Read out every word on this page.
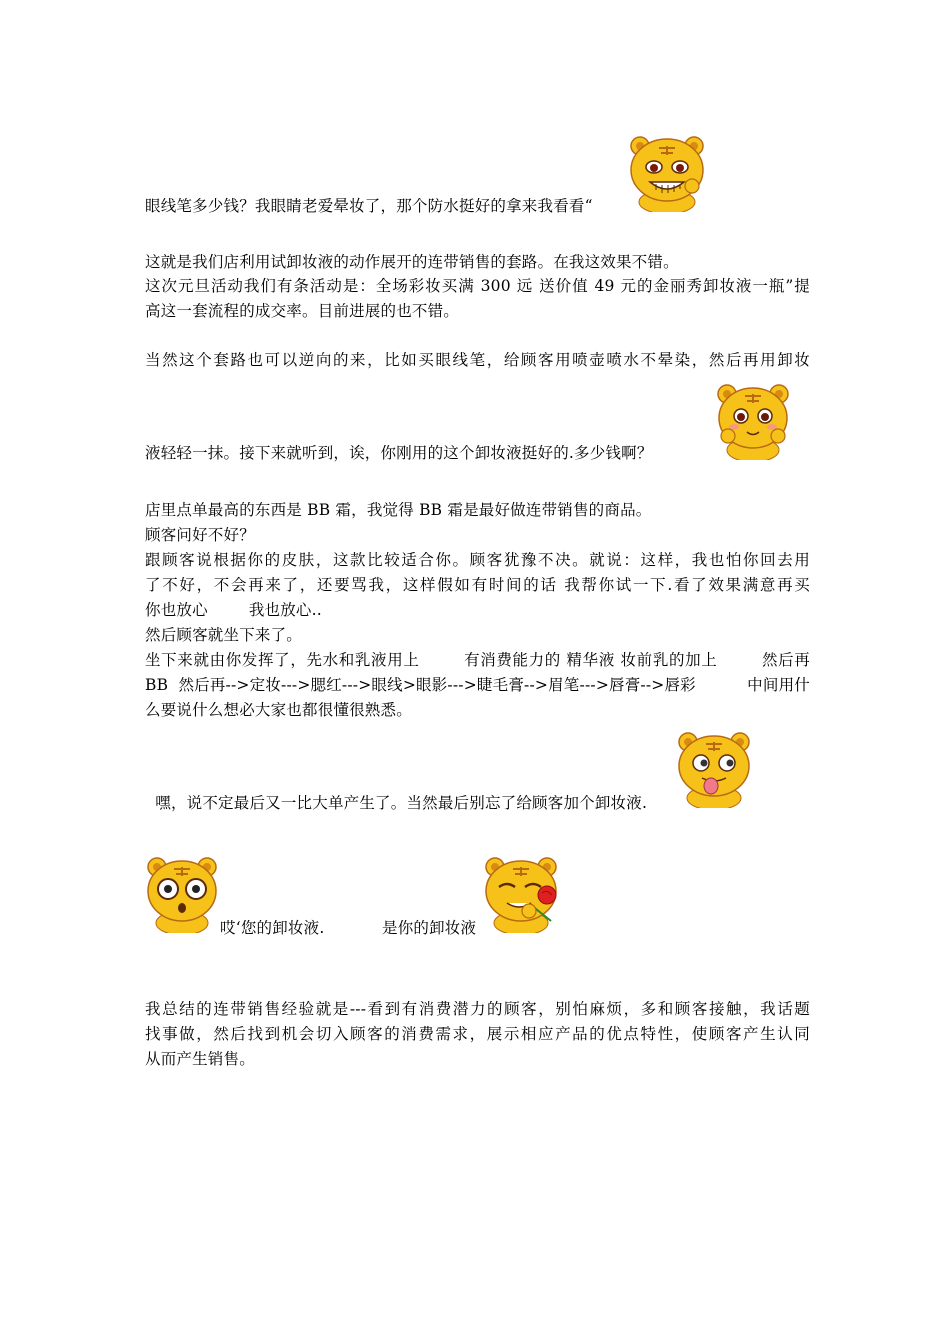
眼线笔多少钱？我眼睛老爱晕妆了，那个防水挺好的拿来我看看“
这就是我们店利用试卸妆液的动作展开的连带销售的套路。在我这效果不错。
这次元旦活动我们有条活动是：全场彩妆买满 300 远 送价值 49 元的金丽秀卸妆液一瓶”提
高这一套流程的成交率。目前进展的也不错。
当然这个套路也可以逆向的来，比如买眼线笔，给顾客用喷壶喷水不晕染，然后再用卸妆
液轻轻一抹。接下来就听到，诶，你刚用的这个卸妆液挺好的.多少钱啊？
店里点单最高的东西是 BB 霜，我觉得 BB 霜是最好做连带销售的商品。
顾客问好不好？
跟顾客说根据你的皮肤，这款比较适合你。顾客犹豫不决。就说：这样，我也怕你回去用
了不好，不会再来了，还要骂我，这样假如有时间的话 我帮你试一下.看了效果满意再买
你也放心        我也放心..
然后顾客就坐下来了。
坐下来就由你发挥了，先水和乳液用上        有消费能力的 精华液 妆前乳的加上        然后再
BB  然后再-->定妆--->腮红--->眼线>眼影--->睫毛膏-->眉笔--->唇膏-->唇彩          中间用什
么要说什么想必大家也都很懂很熟悉。
嘿，说不定最后又一比大单产生了。当然最后别忘了给顾客加个卸妆液.
哎‘您的卸妆液.	是你的卸妆液
我总结的连带销售经验就是---看到有消费潜力的顾客，别怕麻烦，多和顾客接触，我话题
找事做，然后找到机会切入顾客的消费需求，展示相应产品的优点特性，使顾客产生认同
从而产生销售。
